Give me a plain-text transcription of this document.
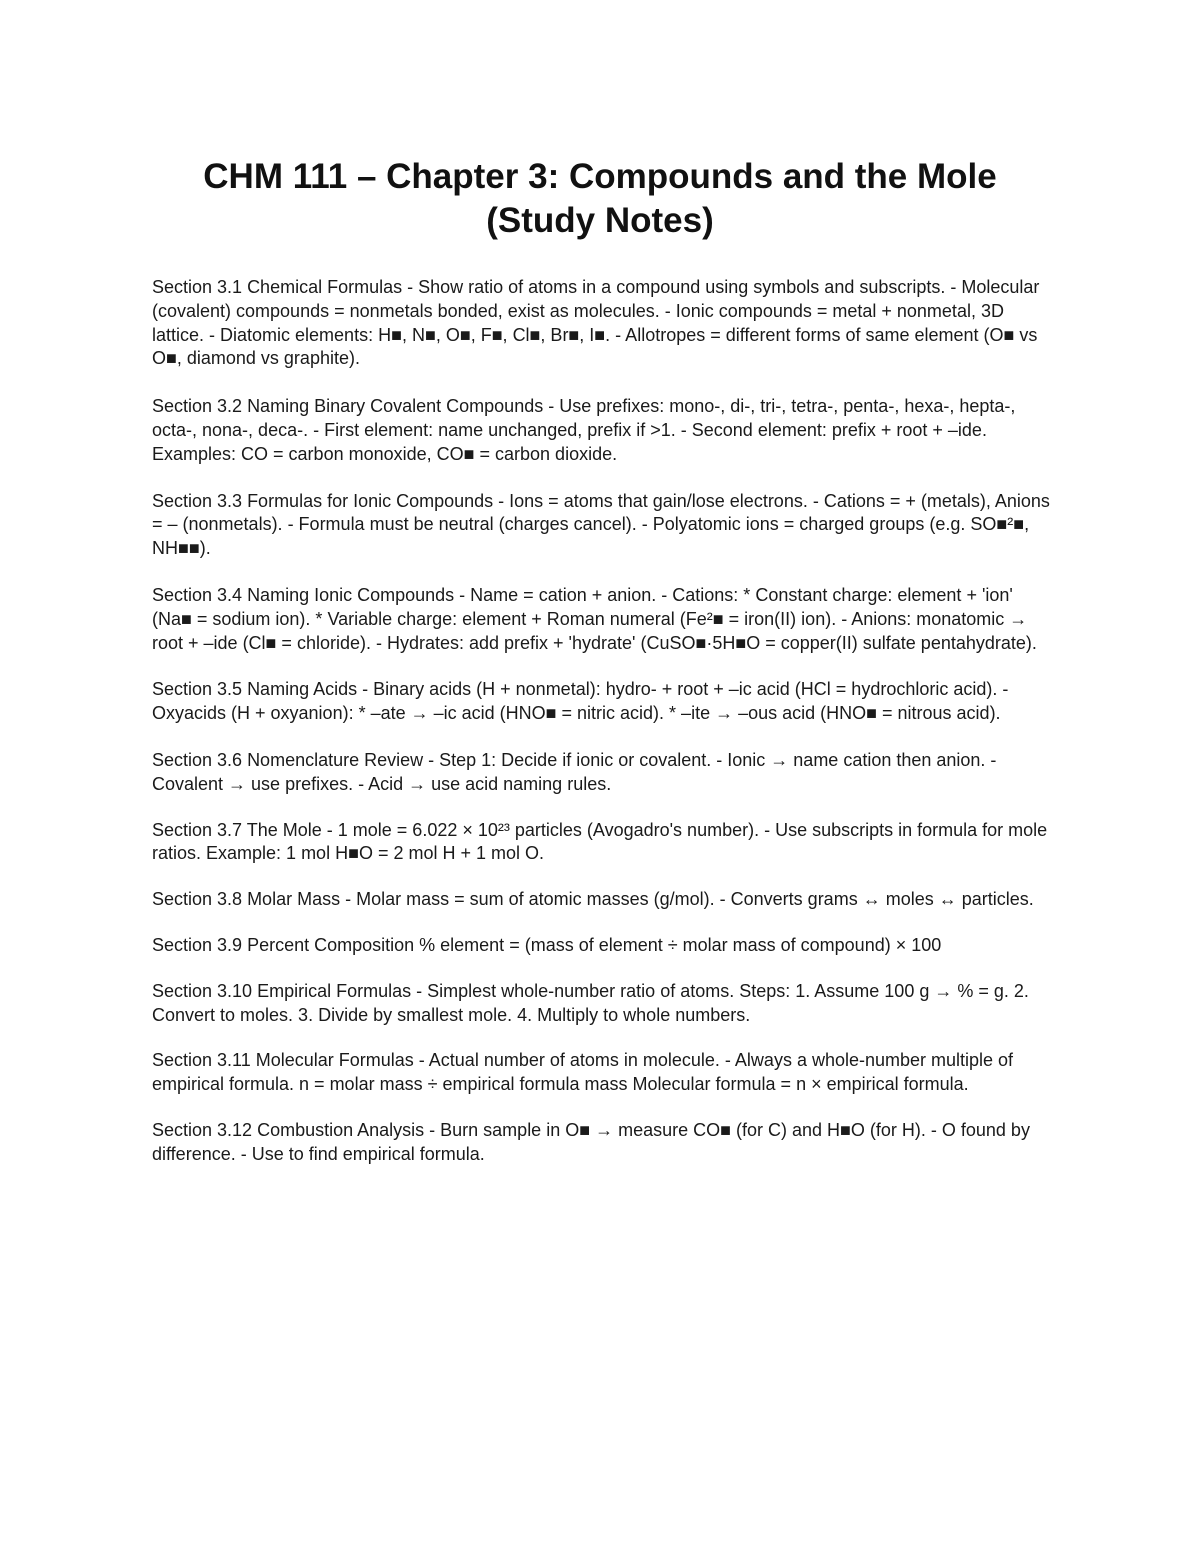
CHM 111 – Chapter 3: Compounds and the Mole
(Study Notes)

Section 3.1 Chemical Formulas - Show ratio of atoms in a compound using symbols and subscripts. - Molecular (covalent) compounds = nonmetals bonded, exist as molecules. - Ionic compounds = metal + nonmetal, 3D lattice. - Diatomic elements: H■, N■, O■, F■, Cl■, Br■, I■. - Allotropes = different forms of same element (O■ vs O■, diamond vs graphite).

Section 3.2 Naming Binary Covalent Compounds - Use prefixes: mono-, di-, tri-, tetra-, penta-, hexa-, hepta-, octa-, nona-, deca-. - First element: name unchanged, prefix if >1. - Second element: prefix + root + –ide. Examples: CO = carbon monoxide, CO■ = carbon dioxide.

Section 3.3 Formulas for Ionic Compounds - Ions = atoms that gain/lose electrons. - Cations = + (metals), Anions = – (nonmetals). - Formula must be neutral (charges cancel). - Polyatomic ions = charged groups (e.g. SO■²■, NH■■).

Section 3.4 Naming Ionic Compounds - Name = cation + anion. - Cations: * Constant charge: element + 'ion' (Na■ = sodium ion). * Variable charge: element + Roman numeral (Fe²■ = iron(II) ion). - Anions: monatomic → root + –ide (Cl■ = chloride). - Hydrates: add prefix + 'hydrate' (CuSO■·5H■O = copper(II) sulfate pentahydrate).

Section 3.5 Naming Acids - Binary acids (H + nonmetal): hydro- + root + –ic acid (HCl = hydrochloric acid). - Oxyacids (H + oxyanion): * –ate → –ic acid (HNO■ = nitric acid). * –ite → –ous acid (HNO■ = nitrous acid).

Section 3.6 Nomenclature Review - Step 1: Decide if ionic or covalent. - Ionic → name cation then anion. - Covalent → use prefixes. - Acid → use acid naming rules.

Section 3.7 The Mole - 1 mole = 6.022 × 10²³ particles (Avogadro's number). - Use subscripts in formula for mole ratios. Example: 1 mol H■O = 2 mol H + 1 mol O.

Section 3.8 Molar Mass - Molar mass = sum of atomic masses (g/mol). - Converts grams ↔ moles ↔ particles.

Section 3.9 Percent Composition % element = (mass of element ÷ molar mass of compound) × 100

Section 3.10 Empirical Formulas - Simplest whole-number ratio of atoms. Steps: 1. Assume 100 g → % = g. 2. Convert to moles. 3. Divide by smallest mole. 4. Multiply to whole numbers.

Section 3.11 Molecular Formulas - Actual number of atoms in molecule. - Always a whole-number multiple of empirical formula. n = molar mass ÷ empirical formula mass Molecular formula = n × empirical formula.

Section 3.12 Combustion Analysis - Burn sample in O■ → measure CO■ (for C) and H■O (for H). - O found by difference. - Use to find empirical formula.
